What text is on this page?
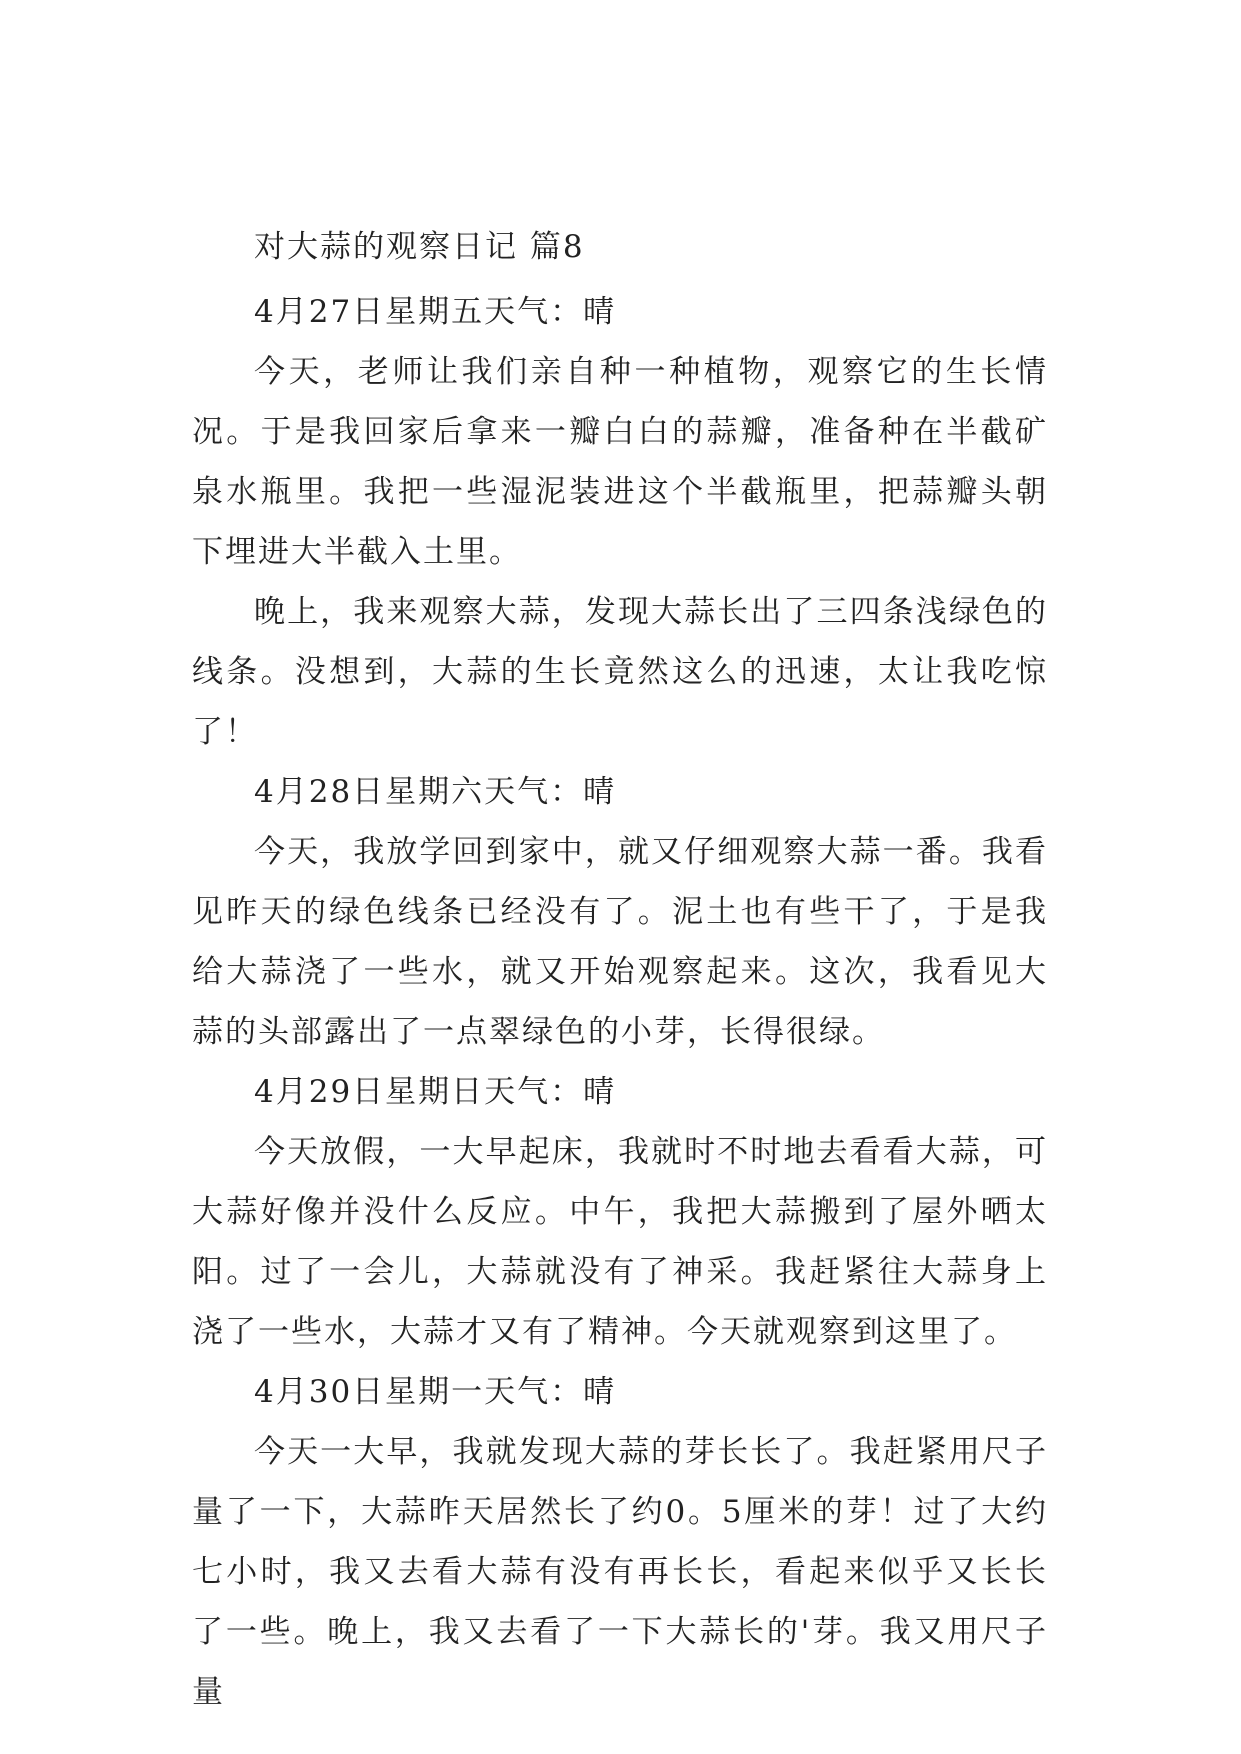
对大蒜的观察日记 篇8
4月27日星期五天气：晴

今天，老师让我们亲自种一种植物，观察它的生长情况。于是我回家后拿来一瓣白白的蒜瓣，准备种在半截矿泉水瓶里。我把一些湿泥装进这个半截瓶里，把蒜瓣头朝下埋进大半截入土里。

晚上，我来观察大蒜，发现大蒜长出了三四条浅绿色的线条。没想到，大蒜的生长竟然这么的迅速，太让我吃惊了！

4月28日星期六天气：晴

今天，我放学回到家中，就又仔细观察大蒜一番。我看见昨天的绿色线条已经没有了。泥土也有些干了，于是我给大蒜浇了一些水，就又开始观察起来。这次，我看见大蒜的头部露出了一点翠绿色的小芽，长得很绿。

4月29日星期日天气：晴

今天放假，一大早起床，我就时不时地去看看大蒜，可大蒜好像并没什么反应。中午，我把大蒜搬到了屋外晒太阳。过了一会儿，大蒜就没有了神采。我赶紧往大蒜身上浇了一些水，大蒜才又有了精神。今天就观察到这里了。

4月30日星期一天气：晴

今天一大早，我就发现大蒜的芽长长了。我赶紧用尺子量了一下，大蒜昨天居然长了约0。5厘米的芽！过了大约七小时，我又去看大蒜有没有再长长，看起来似乎又长长了一些。晚上，我又去看了一下大蒜长的'芽。我又用尺子量
